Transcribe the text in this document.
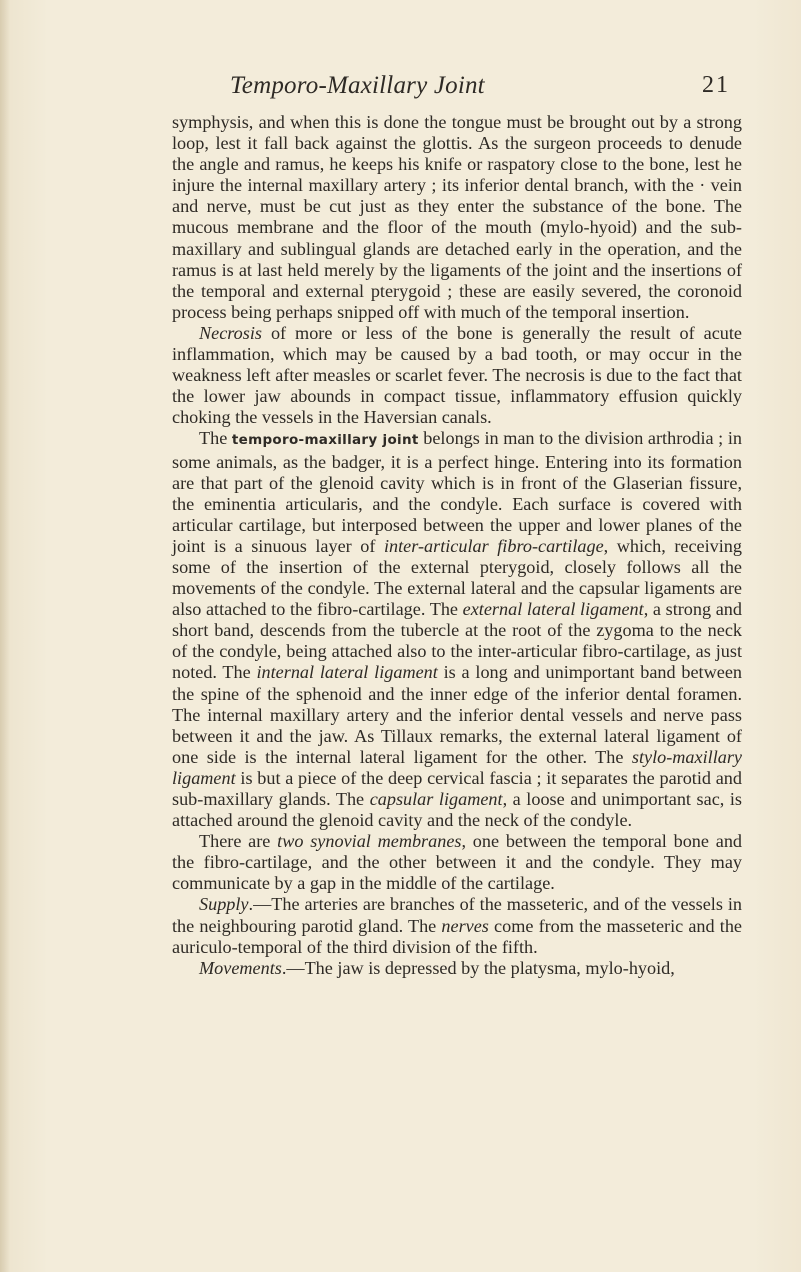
Temporo-Maxillary Joint	21

symphysis, and when this is done the tongue must be brought out by a strong loop, lest it fall back against the glottis. As the surgeon proceeds to denude the angle and ramus, he keeps his knife or raspatory close to the bone, lest he injure the internal maxillary artery ; its inferior dental branch, with the · vein and nerve, must be cut just as they enter the substance of the bone. The mucous membrane and the floor of the mouth (mylo-hyoid) and the sub-maxillary and sublingual glands are detached early in the operation, and the ramus is at last held merely by the ligaments of the joint and the insertions of the temporal and external pterygoid ; these are easily severed, the coronoid process being perhaps snipped off with much of the temporal insertion.

Necrosis of more or less of the bone is generally the result of acute inflammation, which may be caused by a bad tooth, or may occur in the weakness left after measles or scarlet fever. The necrosis is due to the fact that the lower jaw abounds in compact tissue, inflammatory effusion quickly choking the vessels in the Haversian canals.

The temporo-maxillary joint belongs in man to the division arthrodia ; in some animals, as the badger, it is a perfect hinge. Entering into its formation are that part of the glenoid cavity which is in front of the Glaserian fissure, the eminentia articularis, and the condyle. Each surface is covered with articular cartilage, but interposed between the upper and lower planes of the joint is a sinuous layer of inter-articular fibro-cartilage, which, receiving some of the insertion of the external pterygoid, closely follows all the movements of the condyle. The external lateral and the capsular ligaments are also attached to the fibro-cartilage. The external lateral ligament, a strong and short band, descends from the tubercle at the root of the zygoma to the neck of the condyle, being attached also to the inter-articular fibro-cartilage, as just noted. The internal lateral ligament is a long and unimportant band between the spine of the sphenoid and the inner edge of the inferior dental foramen. The internal maxillary artery and the inferior dental vessels and nerve pass between it and the jaw. As Tillaux remarks, the external lateral ligament of one side is the internal lateral ligament for the other. The stylo-maxillary ligament is but a piece of the deep cervical fascia ; it separates the parotid and sub-maxillary glands. The capsular ligament, a loose and unimportant sac, is attached around the glenoid cavity and the neck of the condyle.

There are two synovial membranes, one between the temporal bone and the fibro-cartilage, and the other between it and the condyle. They may communicate by a gap in the middle of the cartilage.

Supply.—The arteries are branches of the masseteric, and of the vessels in the neighbouring parotid gland. The nerves come from the masseteric and the auriculo-temporal of the third division of the fifth.

Movements.—The jaw is depressed by the platysma, mylo-hyoid,
